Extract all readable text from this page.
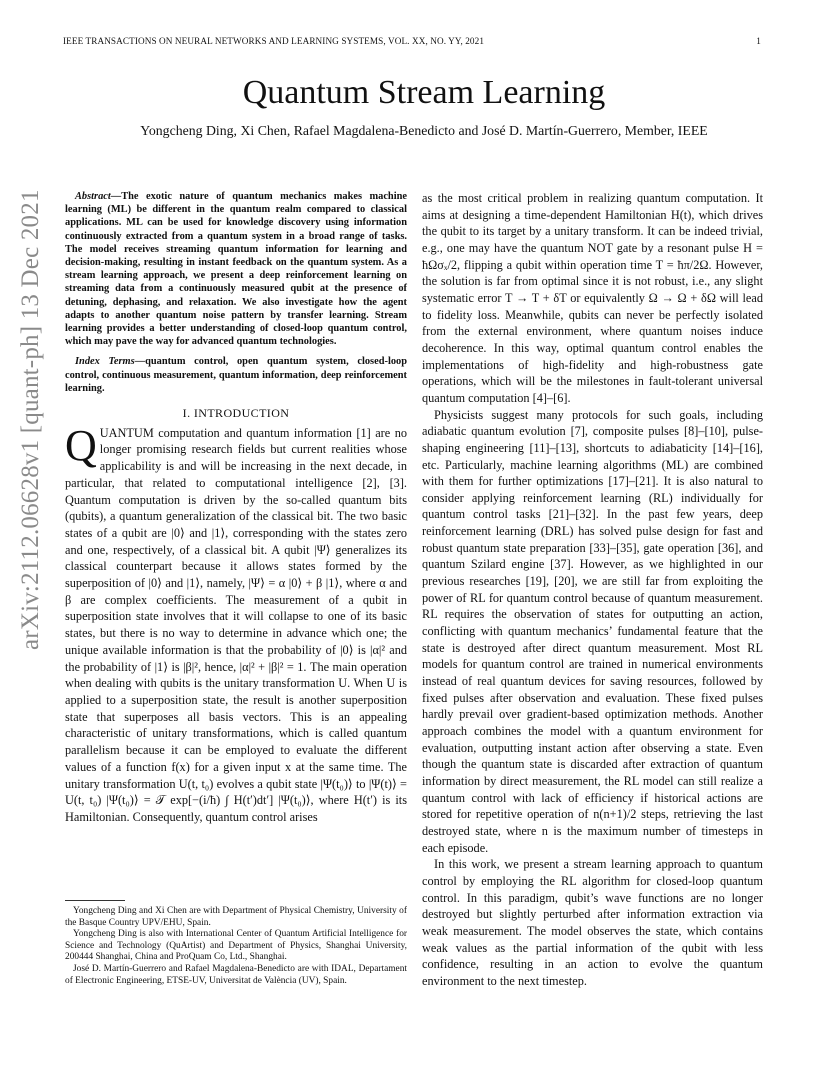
IEEE TRANSACTIONS ON NEURAL NETWORKS AND LEARNING SYSTEMS, VOL. XX, NO. YY, 2021	1
arXiv:2112.06628v1 [quant-ph] 13 Dec 2021
Quantum Stream Learning
Yongcheng Ding, Xi Chen, Rafael Magdalena-Benedicto and José D. Martín-Guerrero, Member, IEEE

Abstract—The exotic nature of quantum mechanics makes machine learning (ML) be different in the quantum realm compared to classical applications. ML can be used for knowledge discovery using information continuously extracted from a quantum system in a broad range of tasks. The model receives streaming quantum information for learning and decision-making, resulting in instant feedback on the quantum system. As a stream learning approach, we present a deep reinforcement learning on streaming data from a continuously measured qubit at the presence of detuning, dephasing, and relaxation. We also investigate how the agent adapts to another quantum noise pattern by transfer learning. Stream learning provides a better understanding of closed-loop quantum control, which may pave the way for advanced quantum technologies.

Index Terms—quantum control, open quantum system, closed-loop control, continuous measurement, quantum information, deep reinforcement learning.

I. INTRODUCTION

QUANTUM computation and quantum information [1] are no longer promising research fields but current realities whose applicability is and will be increasing in the next decade, in particular, that related to computational intelligence [2], [3]. Quantum computation is driven by the so-called quantum bits (qubits), a quantum generalization of the classical bit. The two basic states of a qubit are |0⟩ and |1⟩, corresponding with the states zero and one, respectively, of a classical bit. A qubit |Ψ⟩ generalizes its classical counterpart because it allows states formed by the superposition of |0⟩ and |1⟩, namely, |Ψ⟩ = α |0⟩ + β |1⟩, where α and β are complex coefficients. The measurement of a qubit in superposition state involves that it will collapse to one of its basic states, but there is no way to determine in advance which one; the unique available information is that the probability of |0⟩ is |α|² and the probability of |1⟩ is |β|², hence, |α|² + |β|² = 1. The main operation when dealing with qubits is the unitary transformation U. When U is applied to a superposition state, the result is another superposition state that superposes all basis vectors. This is an appealing characteristic of unitary transformations, which is called quantum parallelism because it can be employed to evaluate the different values of a function f(x) for a given input x at the same time. The unitary transformation U(t, t₀) evolves a qubit state |Ψ(t₀)⟩ to |Ψ(t)⟩ = U(t, t₀) |Ψ(t₀)⟩ = 𝒯 exp[−(i/ħ) ∫ H(t′)dt′] |Ψ(t₀)⟩, where H(t′) is its Hamiltonian. Consequently, quantum control arises

Yongcheng Ding and Xi Chen are with Department of Physical Chemistry, University of the Basque Country UPV/EHU, Spain.

Yongcheng Ding is also with International Center of Quantum Artificial Intelligence for Science and Technology (QuArtist) and Department of Physics, Shanghai University, 200444 Shanghai, China and ProQuam Co, Ltd., Shanghai.

José D. Martín-Guerrero and Rafael Magdalena-Benedicto are with IDAL, Departament of Electronic Engineering, ETSE-UV, Universitat de València (UV), Spain.

as the most critical problem in realizing quantum computation. It aims at designing a time-dependent Hamiltonian H(t), which drives the qubit to its target by a unitary transform. It can be indeed trivial, e.g., one may have the quantum NOT gate by a resonant pulse H = ħΩσₓ/2, flipping a qubit within operation time T = ħπ/2Ω. However, the solution is far from optimal since it is not robust, i.e., any slight systematic error T → T + δT or equivalently Ω → Ω + δΩ will lead to fidelity loss. Meanwhile, qubits can never be perfectly isolated from the external environment, where quantum noises induce decoherence. In this way, optimal quantum control enables the implementations of high-fidelity and high-robustness gate operations, which will be the milestones in fault-tolerant universal quantum computation [4]–[6].

Physicists suggest many protocols for such goals, including adiabatic quantum evolution [7], composite pulses [8]–[10], pulse-shaping engineering [11]–[13], shortcuts to adiabaticity [14]–[16], etc. Particularly, machine learning algorithms (ML) are combined with them for further optimizations [17]–[21]. It is also natural to consider applying reinforcement learning (RL) individually for quantum control tasks [21]–[32]. In the past few years, deep reinforcement learning (DRL) has solved pulse design for fast and robust quantum state preparation [33]–[35], gate operation [36], and quantum Szilard engine [37]. However, as we highlighted in our previous researches [19], [20], we are still far from exploiting the power of RL for quantum control because of quantum measurement. RL requires the observation of states for outputting an action, conflicting with quantum mechanics’ fundamental feature that the state is destroyed after direct quantum measurement. Most RL models for quantum control are trained in numerical environments instead of real quantum devices for saving resources, followed by fixed pulses after observation and evaluation. These fixed pulses hardly prevail over gradient-based optimization methods. Another approach combines the model with a quantum environment for evaluation, outputting instant action after observing a state. Even though the quantum state is discarded after extraction of quantum information by direct measurement, the RL model can still realize a quantum control with lack of efficiency if historical actions are stored for repetitive operation of n(n+1)/2 steps, retrieving the last destroyed state, where n is the maximum number of timesteps in each episode.

In this work, we present a stream learning approach to quantum control by employing the RL algorithm for closed-loop quantum control. In this paradigm, qubit’s wave functions are no longer destroyed but slightly perturbed after information extraction via weak measurement. The model observes the state, which contains weak values as the partial information of the qubit with less confidence, resulting in an action to evolve the quantum environment to the next timestep.
